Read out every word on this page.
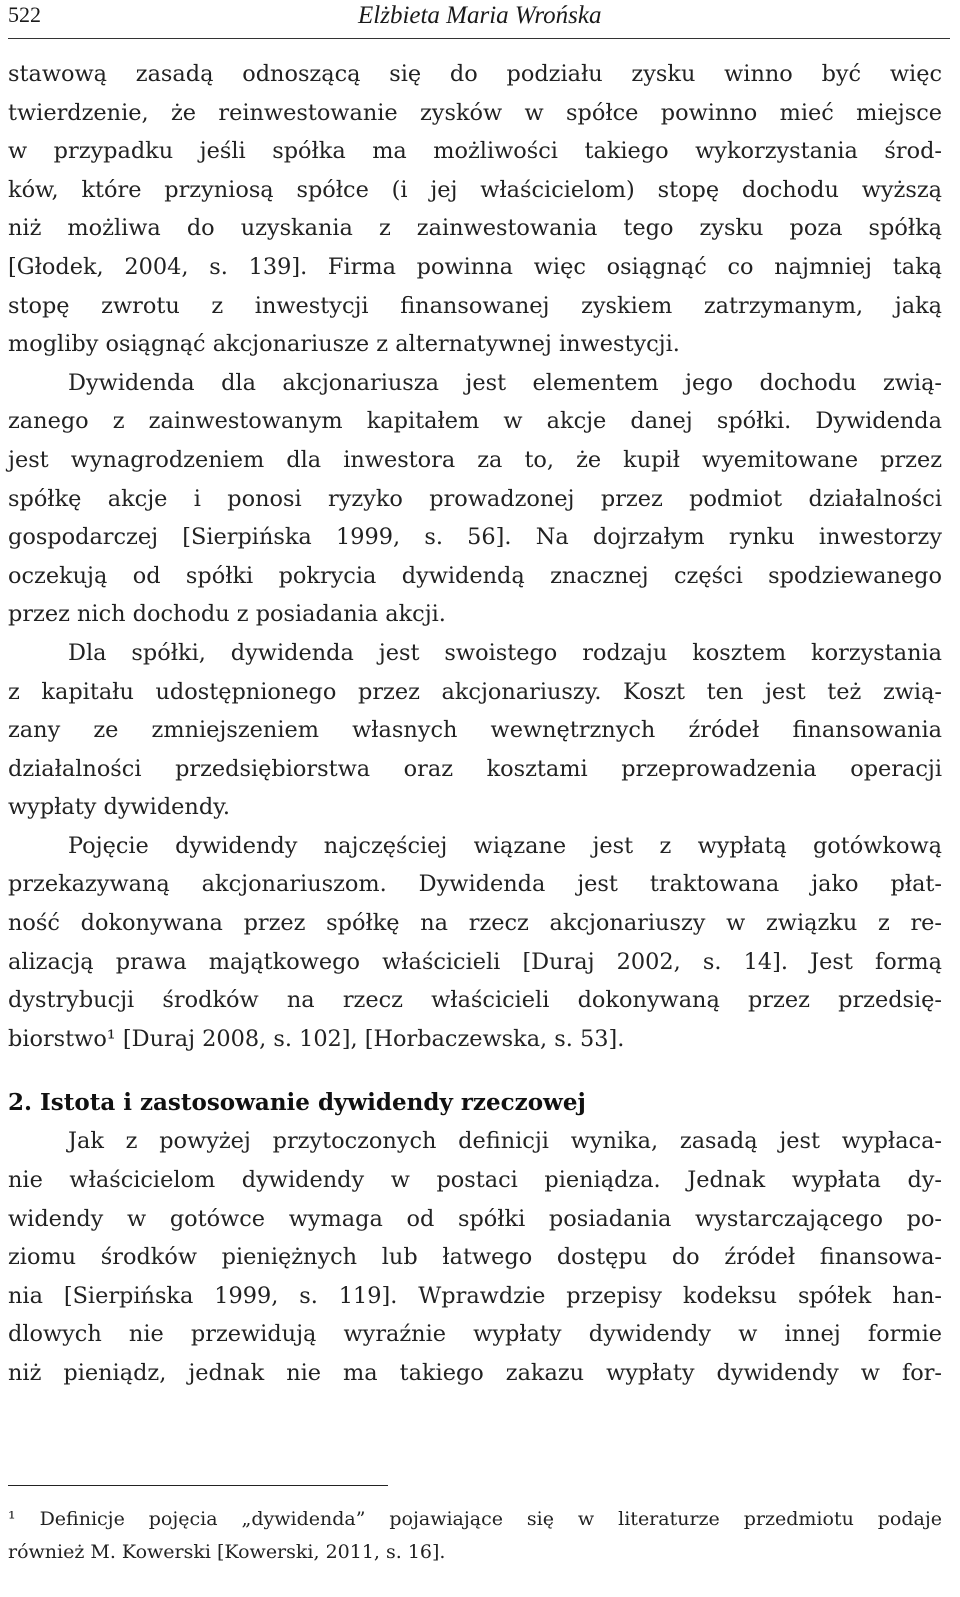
522	Elżbieta Maria Wrońska
stawową zasadą odnoszącą się do podziału zysku winno być więc
twierdzenie, że reinwestowanie zysków w spółce powinno mieć miejsce
w przypadku jeśli spółka ma możliwości takiego wykorzystania środ-
ków, które przyniosą spółce (i jej właścicielom) stopę dochodu wyższą
niż możliwa do uzyskania z zainwestowania tego zysku poza spółką
[Głodek, 2004, s. 139]. Firma powinna więc osiągnąć co najmniej taką
stopę zwrotu z inwestycji finansowanej zyskiem zatrzymanym, jaką
mogliby osiągnąć akcjonariusze z alternatywnej inwestycji.
Dywidenda dla akcjonariusza jest elementem jego dochodu zwią-
zanego z zainwestowanym kapitałem w akcje danej spółki. Dywidenda
jest wynagrodzeniem dla inwestora za to, że kupił wyemitowane przez
spółkę akcje i ponosi ryzyko prowadzonej przez podmiot działalności
gospodarczej [Sierpińska 1999, s. 56]. Na dojrzałym rynku inwestorzy
oczekują od spółki pokrycia dywidendą znacznej części spodziewanego
przez nich dochodu z posiadania akcji.
Dla spółki, dywidenda jest swoistego rodzaju kosztem korzystania
z kapitału udostępnionego przez akcjonariuszy. Koszt ten jest też zwią-
zany ze zmniejszeniem własnych wewnętrznych źródeł finansowania
działalności przedsiębiorstwa oraz kosztami przeprowadzenia operacji
wypłaty dywidendy.
Pojęcie dywidendy najczęściej wiązane jest z wypłatą gotówkową
przekazywaną akcjonariuszom. Dywidenda jest traktowana jako płat-
ność dokonywana przez spółkę na rzecz akcjonariuszy w związku z re-
alizacją prawa majątkowego właścicieli [Duraj 2002, s. 14]. Jest formą
dystrybucji środków na rzecz właścicieli dokonywaną przez przedsię-
biorstwo¹ [Duraj 2008, s. 102], [Horbaczewska, s. 53].
2. Istota i zastosowanie dywidendy rzeczowej
Jak z powyżej przytoczonych definicji wynika, zasadą jest wypłaca-
nie właścicielom dywidendy w postaci pieniądza. Jednak wypłata dy-
widendy w gotówce wymaga od spółki posiadania wystarczającego po-
ziomu środków pieniężnych lub łatwego dostępu do źródeł finansowa-
nia [Sierpińska 1999, s. 119]. Wprawdzie przepisy kodeksu spółek han-
dlowych nie przewidują wyraźnie wypłaty dywidendy w innej formie
niż pieniądz, jednak nie ma takiego zakazu wypłaty dywidendy w for-
¹ Definicje pojęcia „dywidenda” pojawiające się w literaturze przedmiotu podaje
również M. Kowerski [Kowerski, 2011, s. 16].
